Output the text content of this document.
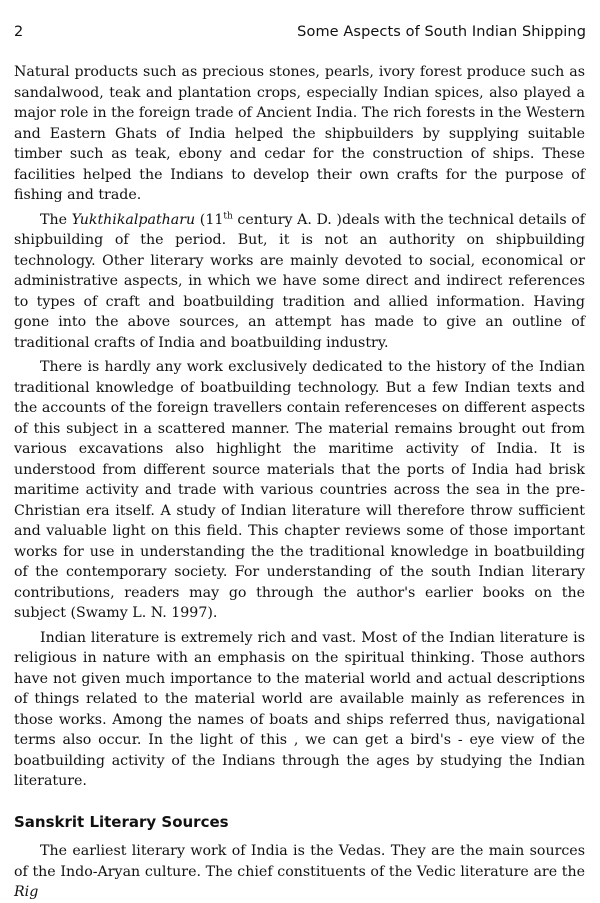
2	Some Aspects of South Indian Shipping

Natural products such as precious stones, pearls, ivory forest produce such as sandalwood, teak and plantation crops, especially Indian spices, also played a major role in the foreign trade of Ancient India. The rich forests in the Western and Eastern Ghats of India helped the shipbuilders by supplying suitable timber such as teak, ebony and cedar for the construction of ships. These facilities helped the Indians to develop their own crafts for the purpose of fishing and trade.

The Yukthikalpatharu (11th century A. D. )deals with the technical details of shipbuilding of the period. But, it is not an authority on shipbuilding technology. Other literary works are mainly devoted to social, economical or administrative aspects, in which we have some direct and indirect references to types of craft and boatbuilding tradition and allied information. Having gone into the above sources, an attempt has made to give an outline of traditional crafts of India and boatbuilding industry.

There is hardly any work exclusively dedicated to the history of the Indian traditional knowledge of boatbuilding technology. But a few Indian texts and the accounts of the foreign travellers contain referenceses on different aspects of this subject in a scattered manner. The material remains brought out from various excavations also highlight the maritime activity of India. It is understood from different source materials that the ports of India had brisk maritime activity and trade with various countries across the sea in the pre-Christian era itself. A study of Indian literature will therefore throw sufficient and valuable light on this field. This chapter reviews some of those important works for use in understanding the the traditional knowledge in boatbuilding of the contemporary society. For understanding of the south Indian literary contributions, readers may go through the author's earlier books on the subject (Swamy L. N. 1997).

Indian literature is extremely rich and vast. Most of the Indian literature is religious in nature with an emphasis on the spiritual thinking. Those authors have not given much importance to the material world and actual descriptions of things related to the material world are available mainly as references in those works. Among the names of boats and ships referred thus, navigational terms also occur. In the light of this , we can get a bird's - eye view of the boatbuilding activity of the Indians through the ages by studying the Indian literature.

Sanskrit Literary Sources

The earliest literary work of India is the Vedas. They are the main sources of the Indo-Aryan culture. The chief constituents of the Vedic literature are the Rig
